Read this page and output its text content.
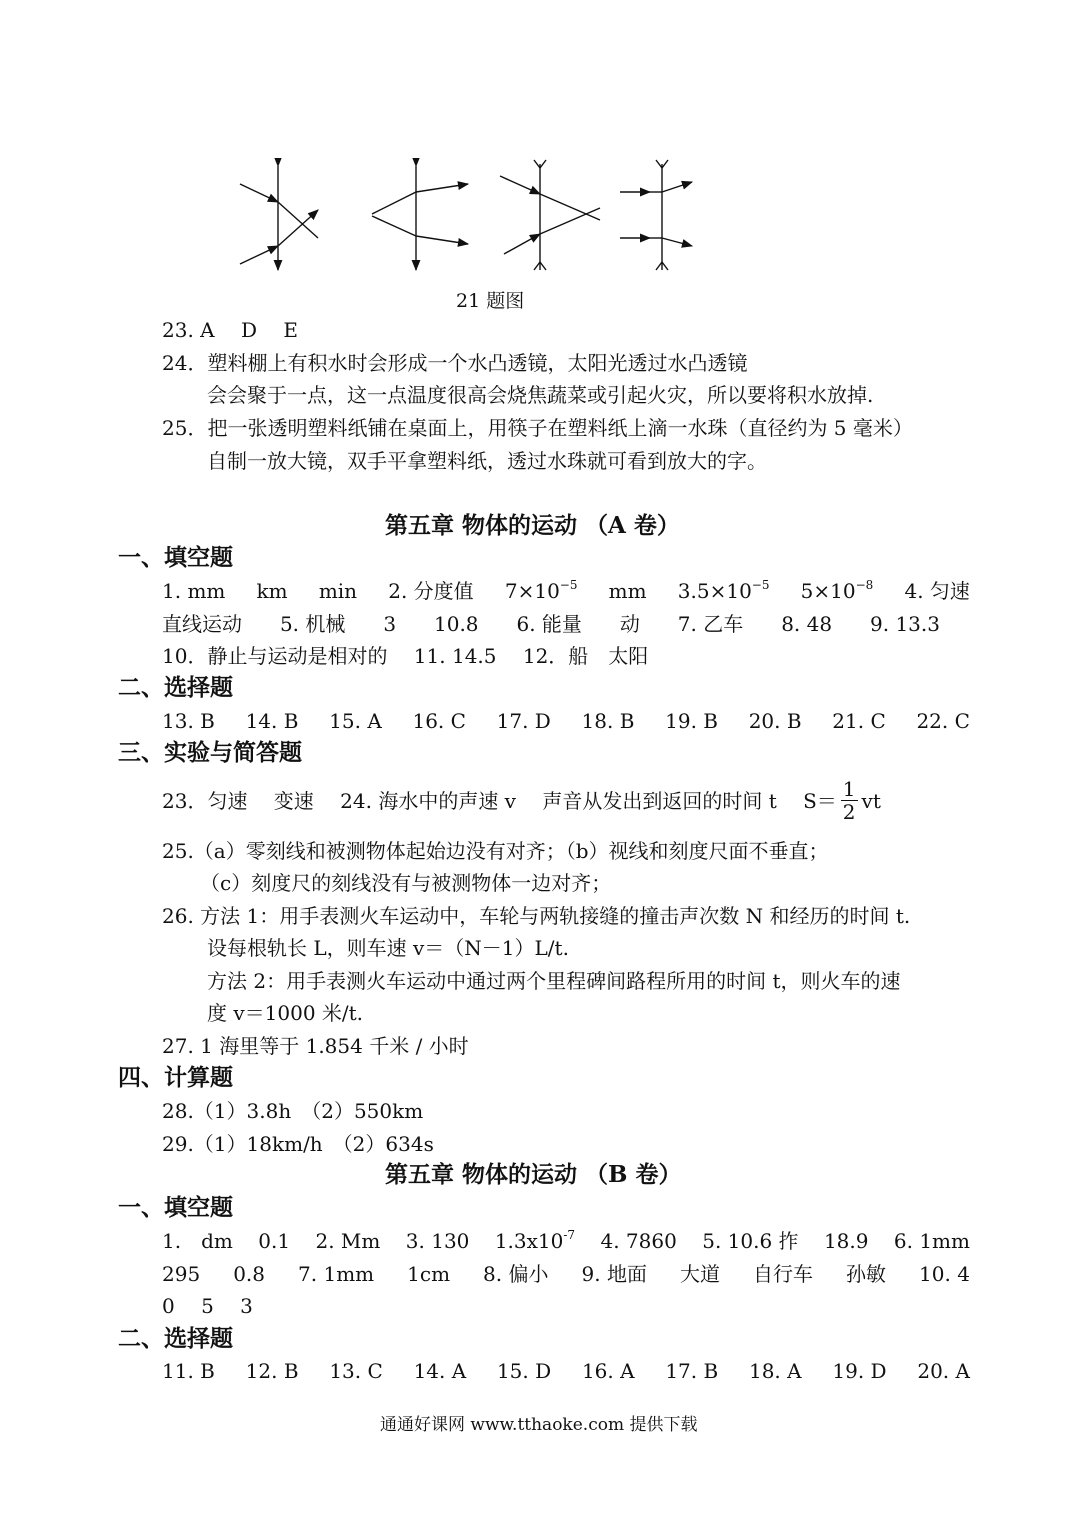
21 题图
23. A　 D　 E
24．塑料棚上有积水时会形成一个水凸透镜，太阳光透过水凸透镜
会会聚于一点，这一点温度很高会烧焦蔬菜或引起火灾，所以要将积水放掉.
25．把一张透明塑料纸铺在桌面上，用筷子在塑料纸上滴一水珠（直径约为 5 毫米）
自制一放大镜，双手平拿塑料纸，透过水珠就可看到放大的字。
第五章 物体的运动 （A 卷）
一、填空题
1. mm km min 2. 分度值 $7\times 10^{-5}$ mm $3.5\times 10^{-5}$ $5\times 10^{-8}$ 4. 匀速
直线运动 5. 机械 3 10.8 6. 能量 动 7. 乙车 8. 48 9. 13.3
10．静止与运动是相对的　 11. 14.5　 12．船　太阳
二、选择题
13. B 14. B 15. A 16. C 17. D 18. B 19. B 20. B 21. C 22. C
三、实验与简答题
23．匀速　 变速　 24. 海水中的声速 v　 声音从发出到返回的时间 t　 $S= \frac{1}{2}$ vt
25.（a）零刻线和被测物体起始边没有对齐；（b）视线和刻度尺面不垂直；
（c）刻度尺的刻线没有与被测物体一边对齐；
26. 方法 1：用手表测火车运动中，车轮与两轨接缝的撞击声次数 N 和经历的时间 t.
设每根轨长 L，则车速 v＝（N－1）L/t.
方法 2：用手表测火车运动中通过两个里程碑间路程所用的时间 t，则火车的速
度 v＝1000 米/t.
27. 1 海里等于 1.854 千米 / 小时
四、计算题
28.（1）3.8h　（2）550km
29.（1）18km/h　（2）634s
第五章 物体的运动 （B 卷）
一、填空题
1.　dm 0.1 2. Mm 3. 130 $1.3x10^{-7}$ 4. 7860 5. 10.6 拃 18.9 6. 1mm
295 0.8 7. 1mm 1cm 8. 偏小 9. 地面 大道 自行车 孙敏 10. 4
0　 5　 3
二、选择题
11. B 12. B 13. C 14. A 15. D 16. A 17. B 18. A 19. D 20. A
通通好课网 www.tthaoke.com 提供下载
